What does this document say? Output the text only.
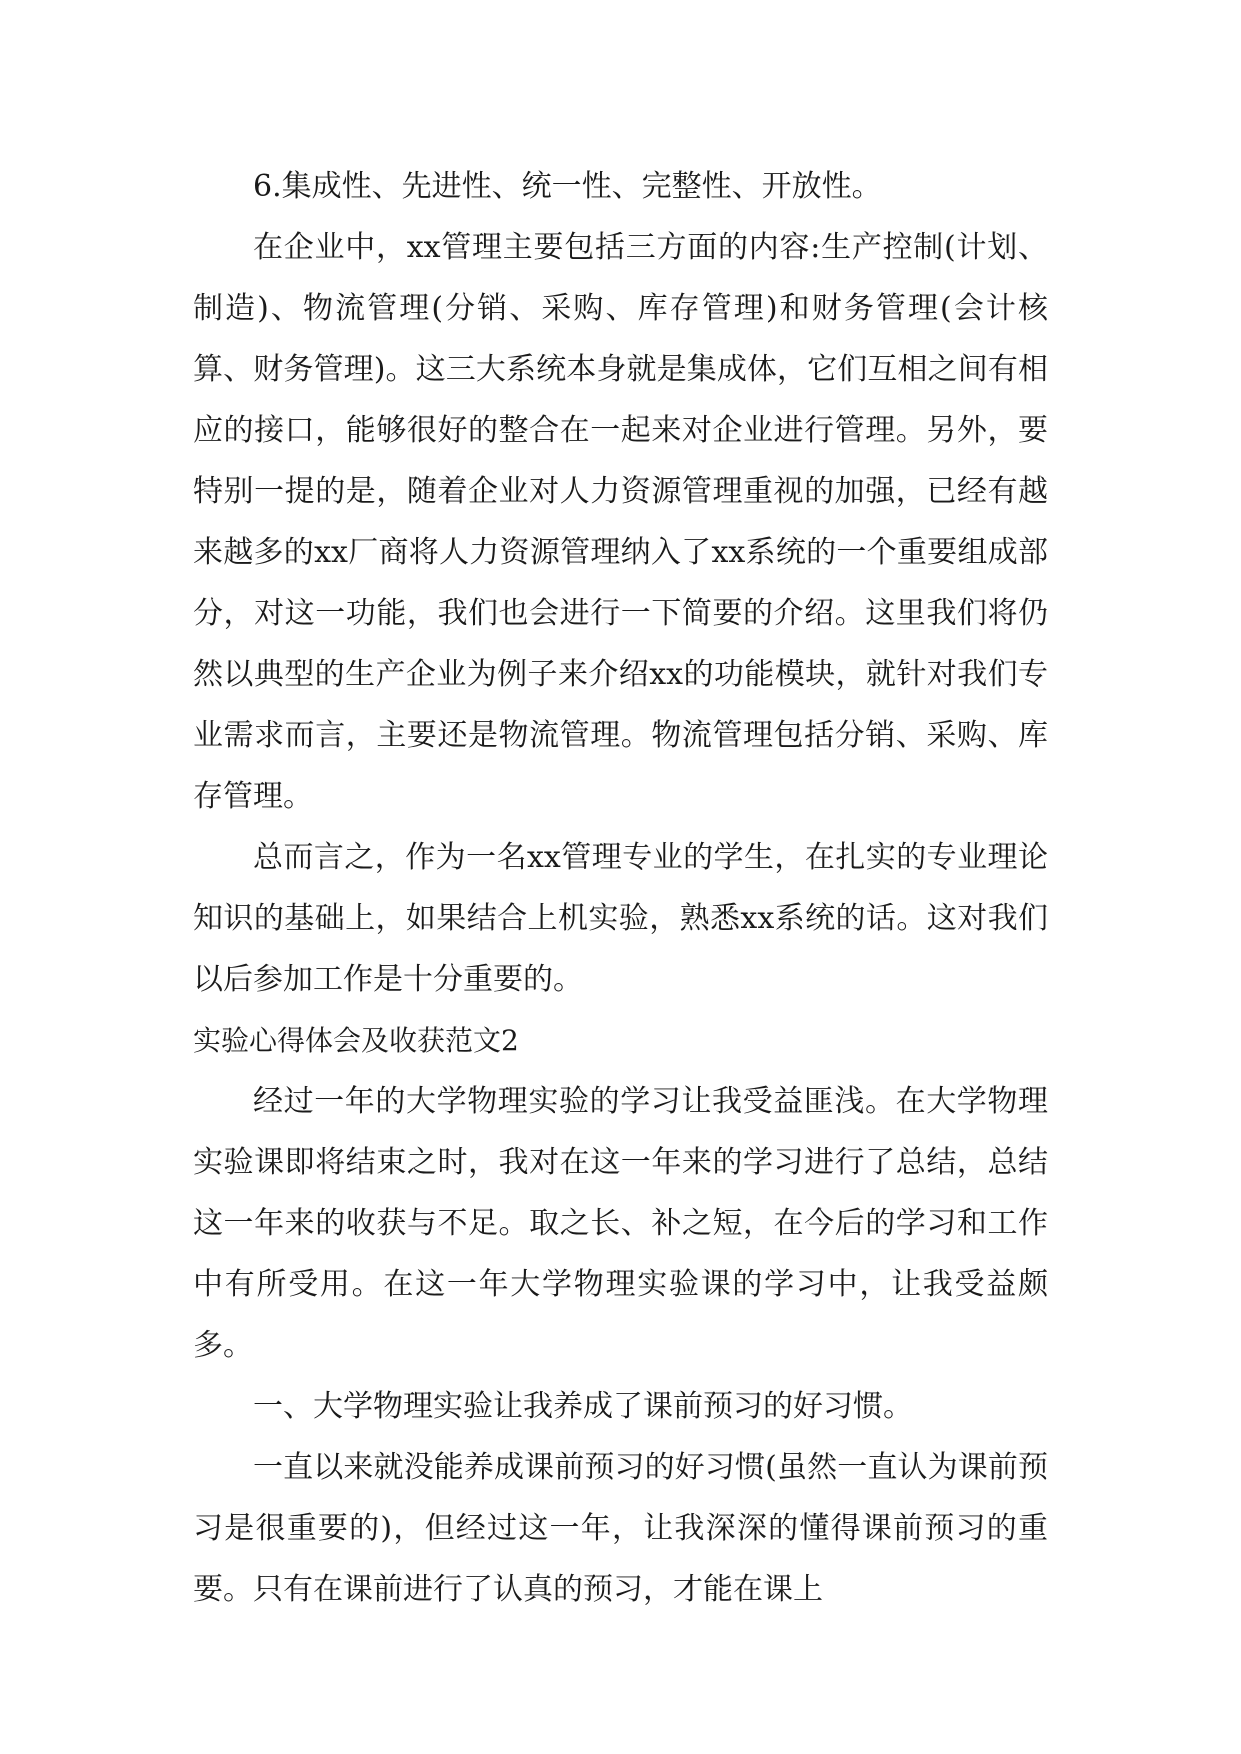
6.集成性、先进性、统一性、完整性、开放性。

在企业中，xx管理主要包括三方面的内容:生产控制(计划、制造)、物流管理(分销、采购、库存管理)和财务管理(会计核算、财务管理)。这三大系统本身就是集成体，它们互相之间有相应的接口，能够很好的整合在一起来对企业进行管理。另外，要特别一提的是，随着企业对人力资源管理重视的加强，已经有越来越多的xx厂商将人力资源管理纳入了xx系统的一个重要组成部分，对这一功能，我们也会进行一下简要的介绍。这里我们将仍然以典型的生产企业为例子来介绍xx的功能模块，就针对我们专业需求而言，主要还是物流管理。物流管理包括分销、采购、库存管理。

总而言之，作为一名xx管理专业的学生，在扎实的专业理论知识的基础上，如果结合上机实验，熟悉xx系统的话。这对我们以后参加工作是十分重要的。

实验心得体会及收获范文2

经过一年的大学物理实验的学习让我受益匪浅。在大学物理实验课即将结束之时，我对在这一年来的学习进行了总结，总结这一年来的收获与不足。取之长、补之短，在今后的学习和工作中有所受用。在这一年大学物理实验课的学习中，让我受益颇多。

一、大学物理实验让我养成了课前预习的好习惯。

一直以来就没能养成课前预习的好习惯(虽然一直认为课前预习是很重要的)，但经过这一年，让我深深的懂得课前预习的重要。只有在课前进行了认真的预习，才能在课上
